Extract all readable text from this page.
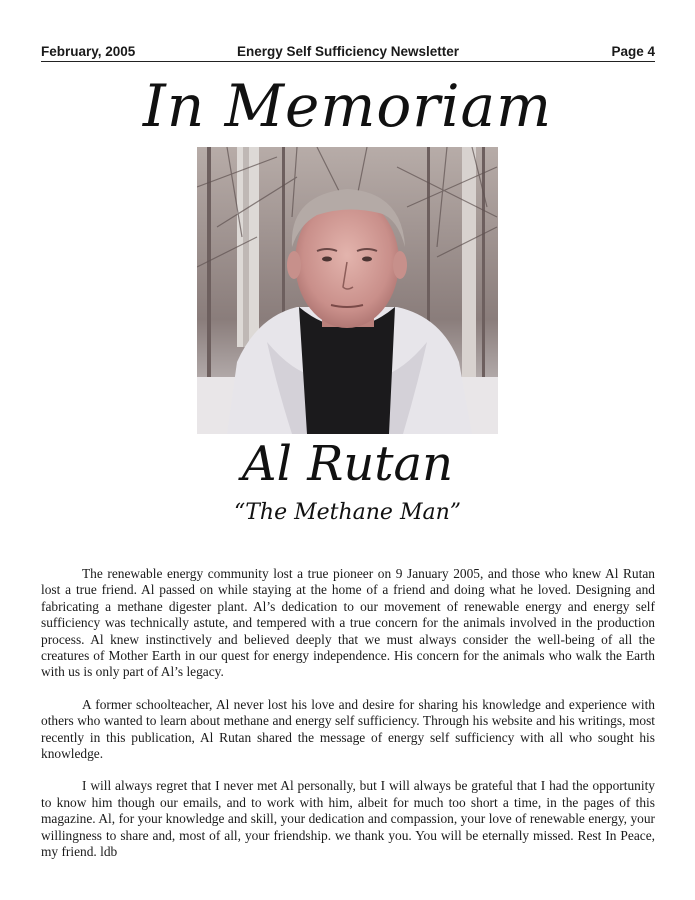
February, 2005	Energy Self Sufficiency Newsletter	Page 4
In Memoriam
Al Rutan
“The Methane Man”

The renewable energy community lost a true pioneer on 9 January 2005, and those who knew Al Rutan lost a true friend. Al passed on while staying at the home of a friend and doing what he loved. Designing and fabricating a methane digester plant. Al’s dedication to our movement of renewable energy and energy self sufficiency was technically astute, and tempered with a true concern for the animals involved in the production process. Al knew instinctively and believed deeply that we must always consider the well-being of all the creatures of Mother Earth in our quest for energy independence. His concern for the animals who walk the Earth with us is only part of Al’s legacy.

A former schoolteacher, Al never lost his love and desire for sharing his knowledge and experience with others who wanted to learn about methane and energy self sufficiency. Through his website and his writings, most recently in this publication, Al Rutan shared the message of energy self sufficiency with all who sought his knowledge.

I will always regret that I never met Al personally, but I will always be grateful that I had the opportunity to know him though our emails, and to work with him, albeit for much too short a time, in the pages of this magazine. Al, for your knowledge and skill, your dedication and compassion, your love of renewable energy, your willingness to share and, most of all, your friendship. we thank you. You will be eternally missed. Rest In Peace, my friend. ldb
